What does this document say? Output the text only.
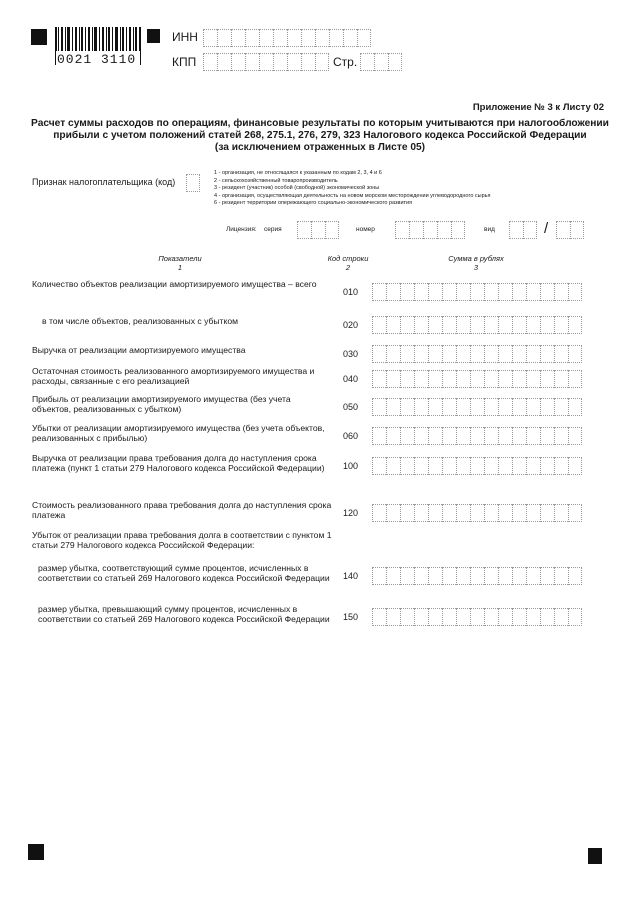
0021 3110
ИНН
КПП	Стр.
Приложение № 3 к Листу 02
Расчет суммы расходов по операциям, финансовые результаты по которым учитываются при налогообложении
прибыли с учетом положений статей 268, 275.1, 276, 279, 323 Налогового кодекса Российской Федерации
(за исключением отраженных в Листе 05)
Признак налогоплательщика (код)
1 - организация, не относящаяся к указанным по кодам 2, 3, 4 и 6
2 - сельскохозяйственный товаропроизводитель
3 - резидент (участник) особой (свободной) экономической зоны
4 - организация, осуществляющая деятельность на новом морском месторождении углеводородного сырья
6 - резидент территории опережающего социально-экономического развития
Лицензия: серия	номер	вид	/
Показатели
1
Код строки
2
Сумма в рублях
3
Количество объектов реализации амортизируемого имущества – всего
010
в том числе объектов, реализованных с убытком	020
Выручка от реализации амортизируемого имущества	030
Остаточная стоимость реализованного амортизируемого имущества и расходы, связанные с его реализацией	040
Прибыль от реализации амортизируемого имущества (без учета объектов, реализованных с убытком)	050
Убытки от реализации амортизируемого имущества (без учета объектов, реализованных с прибылью)	060
Выручка от реализации права требования долга до наступления срока платежа (пункт 1 статьи 279 Налогового кодекса Российской Федерации)	100
Стоимость реализованного права требования долга до наступления срока платежа	120
Убыток от реализации права требования долга в соответствии с пунктом 1 статьи 279 Налогового кодекса Российской Федерации:
размер убытка, соответствующий сумме процентов, исчисленных в соответствии со статьей 269 Налогового кодекса Российской Федерации 140
размер убытка, превышающий сумму процентов, исчисленных в соответствии со статьей 269 Налогового кодекса Российской Федерации 150
